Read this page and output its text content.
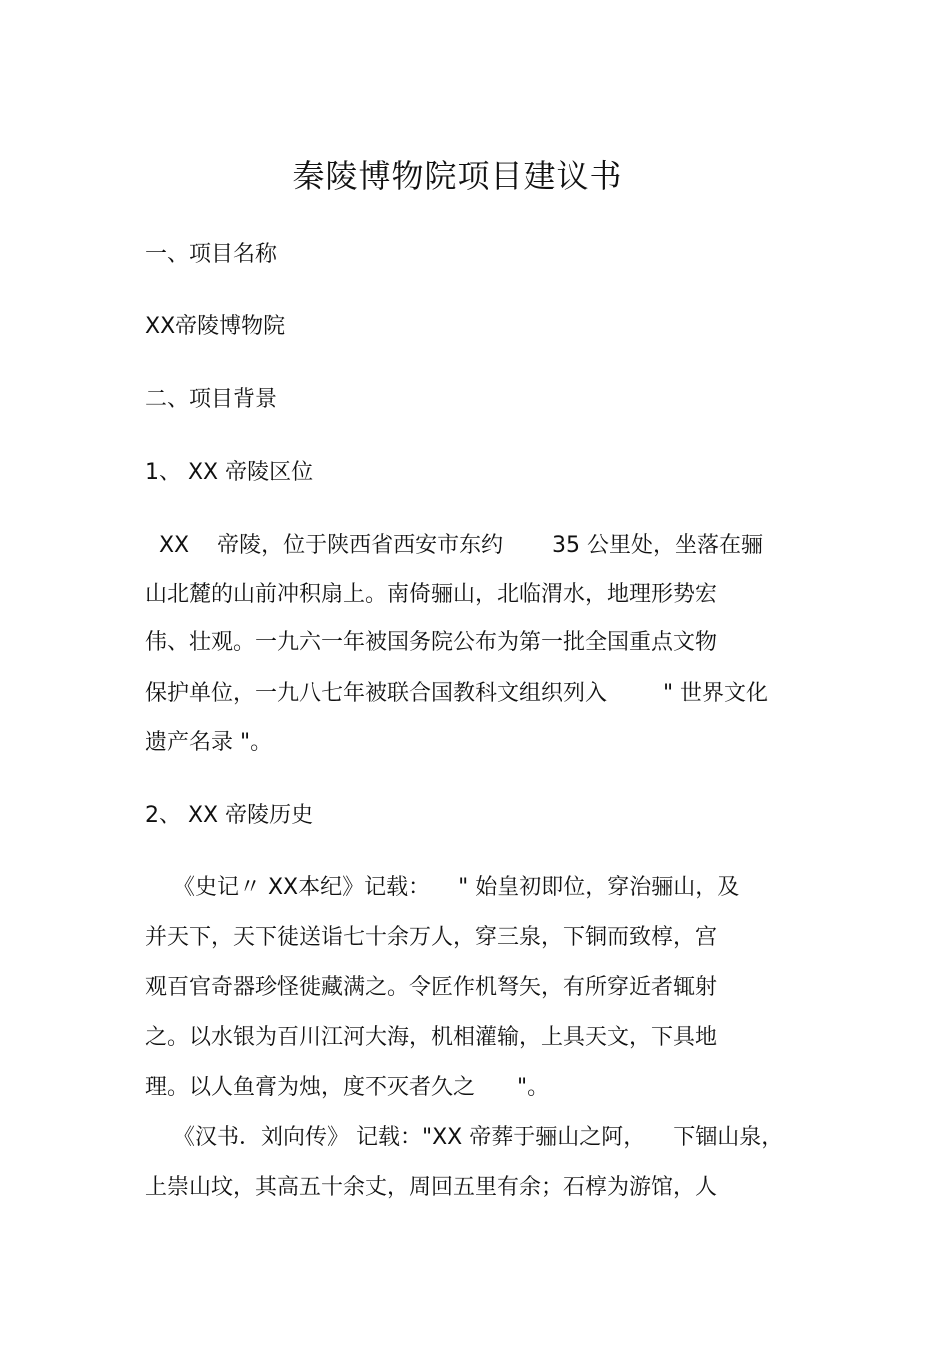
秦陵博物院项目建议书
一、项目名称
XX帝陵博物院
二、项目背景
1、 XX 帝陵区位
XX    帝陵，位于陕西省西安市东约       35 公里处，坐落在骊
山北麓的山前冲积扇上。南倚骊山，北临渭水，地理形势宏
伟、壮观。一九六一年被国务院公布为第一批全国重点文物
保护单位，一九八七年被联合国教科文组织列入        " 世界文化
遗产名录 "。
2、 XX 帝陵历史
《史记〃 XX本纪》记载：    " 始皇初即位，穿治骊山，及
并天下，天下徒送诣七十余万人，穿三泉，下铜而致椁，宫
观百官奇器珍怪徙藏满之。令匠作机弩矢，有所穿近者辄射
之。以水银为百川江河大海，机相灌输，上具天文，下具地
理。以人鱼膏为烛，度不灭者久之      "。
《汉书．刘向传》 记载："XX 帝葬于骊山之阿，    下锢山泉，
上崇山坟，其高五十余丈，周回五里有余；石椁为游馆，人
